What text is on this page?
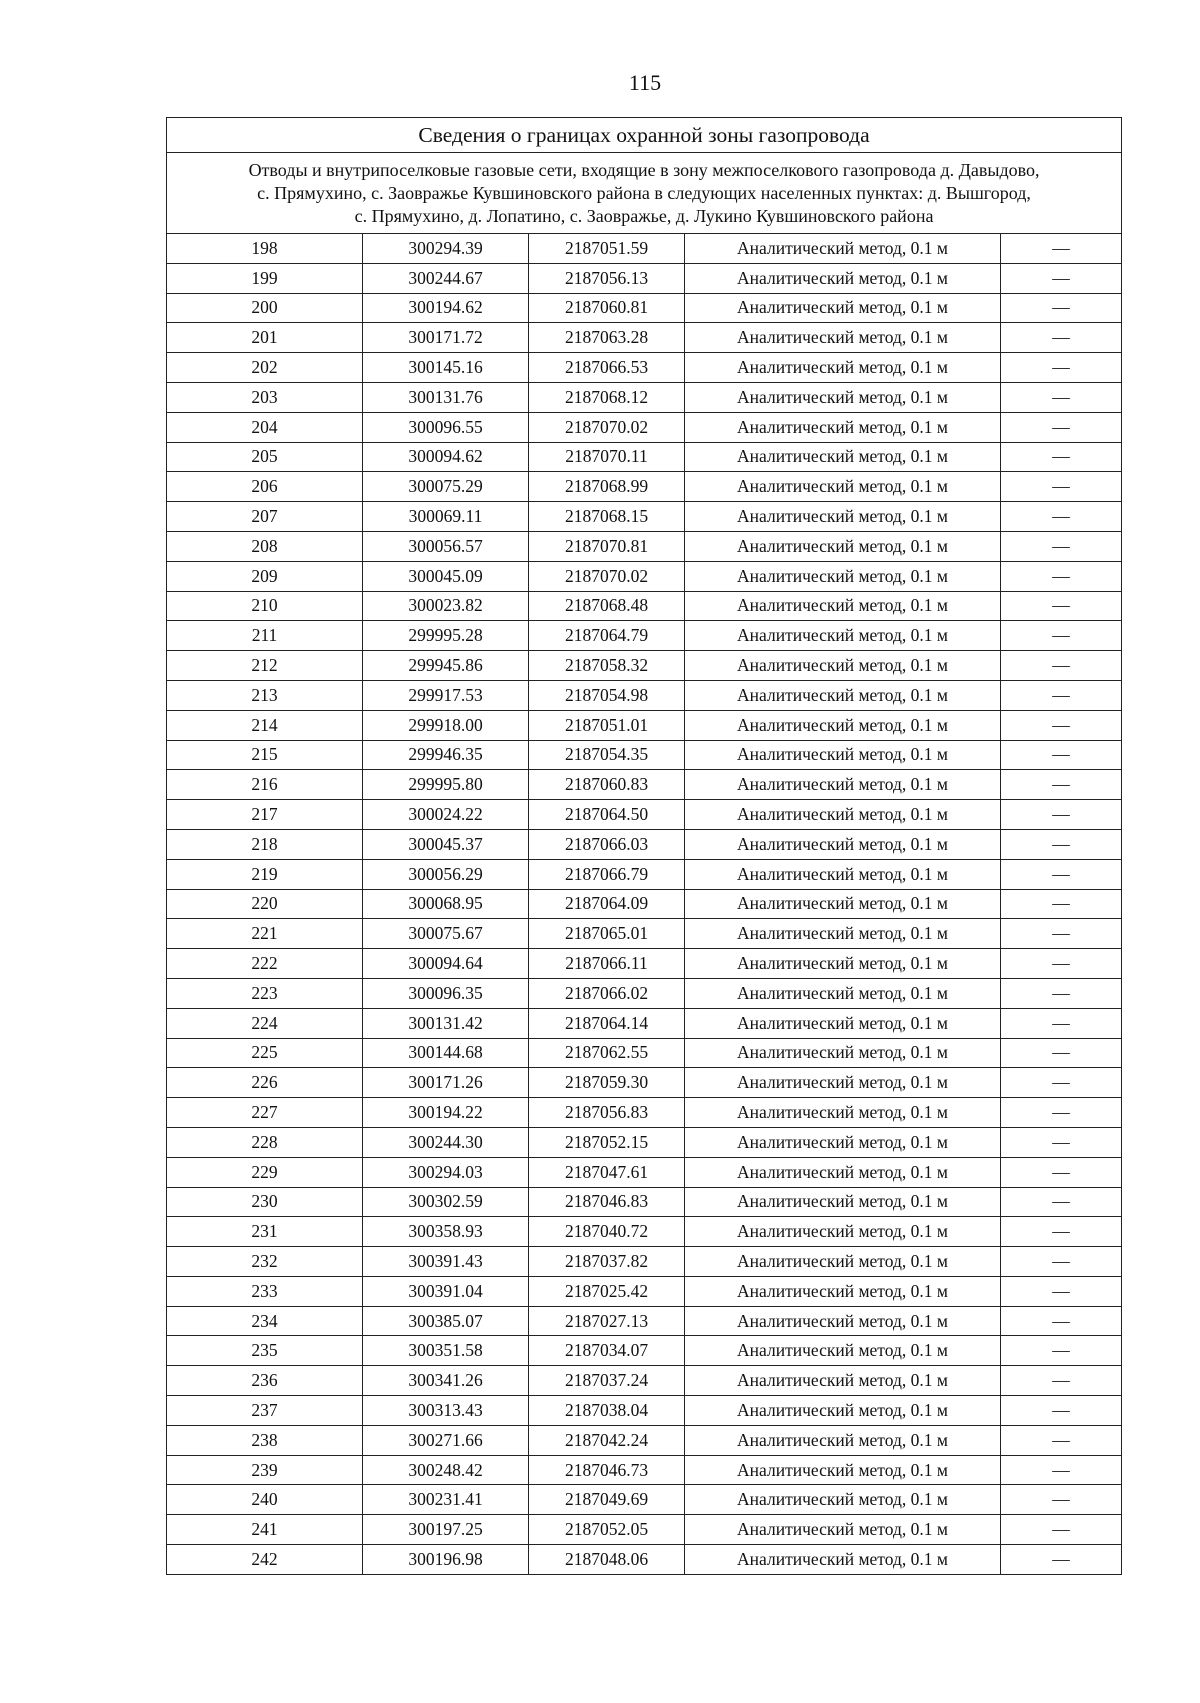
115
Сведения о границах охранной зоны газопровода				

Отводы и внутрипоселковые газовые сети, входящие в зону межпоселкового газопровода д. Давыдово,
с. Прямухино, с. Заовражье Кувшиновского района в следующих населенных пунктах: д. Вышгород,
с. Прямухино, д. Лопатино, с. Заовражье, д. Лукино Кувшиновского района				

198	300294.39	2187051.59	Аналитический метод, 0.1 м	—
199	300244.67	2187056.13	Аналитический метод, 0.1 м	—
200	300194.62	2187060.81	Аналитический метод, 0.1 м	—
201	300171.72	2187063.28	Аналитический метод, 0.1 м	—
202	300145.16	2187066.53	Аналитический метод, 0.1 м	—
203	300131.76	2187068.12	Аналитический метод, 0.1 м	—
204	300096.55	2187070.02	Аналитический метод, 0.1 м	—
205	300094.62	2187070.11	Аналитический метод, 0.1 м	—
206	300075.29	2187068.99	Аналитический метод, 0.1 м	—
207	300069.11	2187068.15	Аналитический метод, 0.1 м	—
208	300056.57	2187070.81	Аналитический метод, 0.1 м	—
209	300045.09	2187070.02	Аналитический метод, 0.1 м	—
210	300023.82	2187068.48	Аналитический метод, 0.1 м	—
211	299995.28	2187064.79	Аналитический метод, 0.1 м	—
212	299945.86	2187058.32	Аналитический метод, 0.1 м	—
213	299917.53	2187054.98	Аналитический метод, 0.1 м	—
214	299918.00	2187051.01	Аналитический метод, 0.1 м	—
215	299946.35	2187054.35	Аналитический метод, 0.1 м	—
216	299995.80	2187060.83	Аналитический метод, 0.1 м	—
217	300024.22	2187064.50	Аналитический метод, 0.1 м	—
218	300045.37	2187066.03	Аналитический метод, 0.1 м	—
219	300056.29	2187066.79	Аналитический метод, 0.1 м	—
220	300068.95	2187064.09	Аналитический метод, 0.1 м	—
221	300075.67	2187065.01	Аналитический метод, 0.1 м	—
222	300094.64	2187066.11	Аналитический метод, 0.1 м	—
223	300096.35	2187066.02	Аналитический метод, 0.1 м	—
224	300131.42	2187064.14	Аналитический метод, 0.1 м	—
225	300144.68	2187062.55	Аналитический метод, 0.1 м	—
226	300171.26	2187059.30	Аналитический метод, 0.1 м	—
227	300194.22	2187056.83	Аналитический метод, 0.1 м	—
228	300244.30	2187052.15	Аналитический метод, 0.1 м	—
229	300294.03	2187047.61	Аналитический метод, 0.1 м	—
230	300302.59	2187046.83	Аналитический метод, 0.1 м	—
231	300358.93	2187040.72	Аналитический метод, 0.1 м	—
232	300391.43	2187037.82	Аналитический метод, 0.1 м	—
233	300391.04	2187025.42	Аналитический метод, 0.1 м	—
234	300385.07	2187027.13	Аналитический метод, 0.1 м	—
235	300351.58	2187034.07	Аналитический метод, 0.1 м	—
236	300341.26	2187037.24	Аналитический метод, 0.1 м	—
237	300313.43	2187038.04	Аналитический метод, 0.1 м	—
238	300271.66	2187042.24	Аналитический метод, 0.1 м	—
239	300248.42	2187046.73	Аналитический метод, 0.1 м	—
240	300231.41	2187049.69	Аналитический метод, 0.1 м	—
241	300197.25	2187052.05	Аналитический метод, 0.1 м	—
242	300196.98	2187048.06	Аналитический метод, 0.1 м	—
